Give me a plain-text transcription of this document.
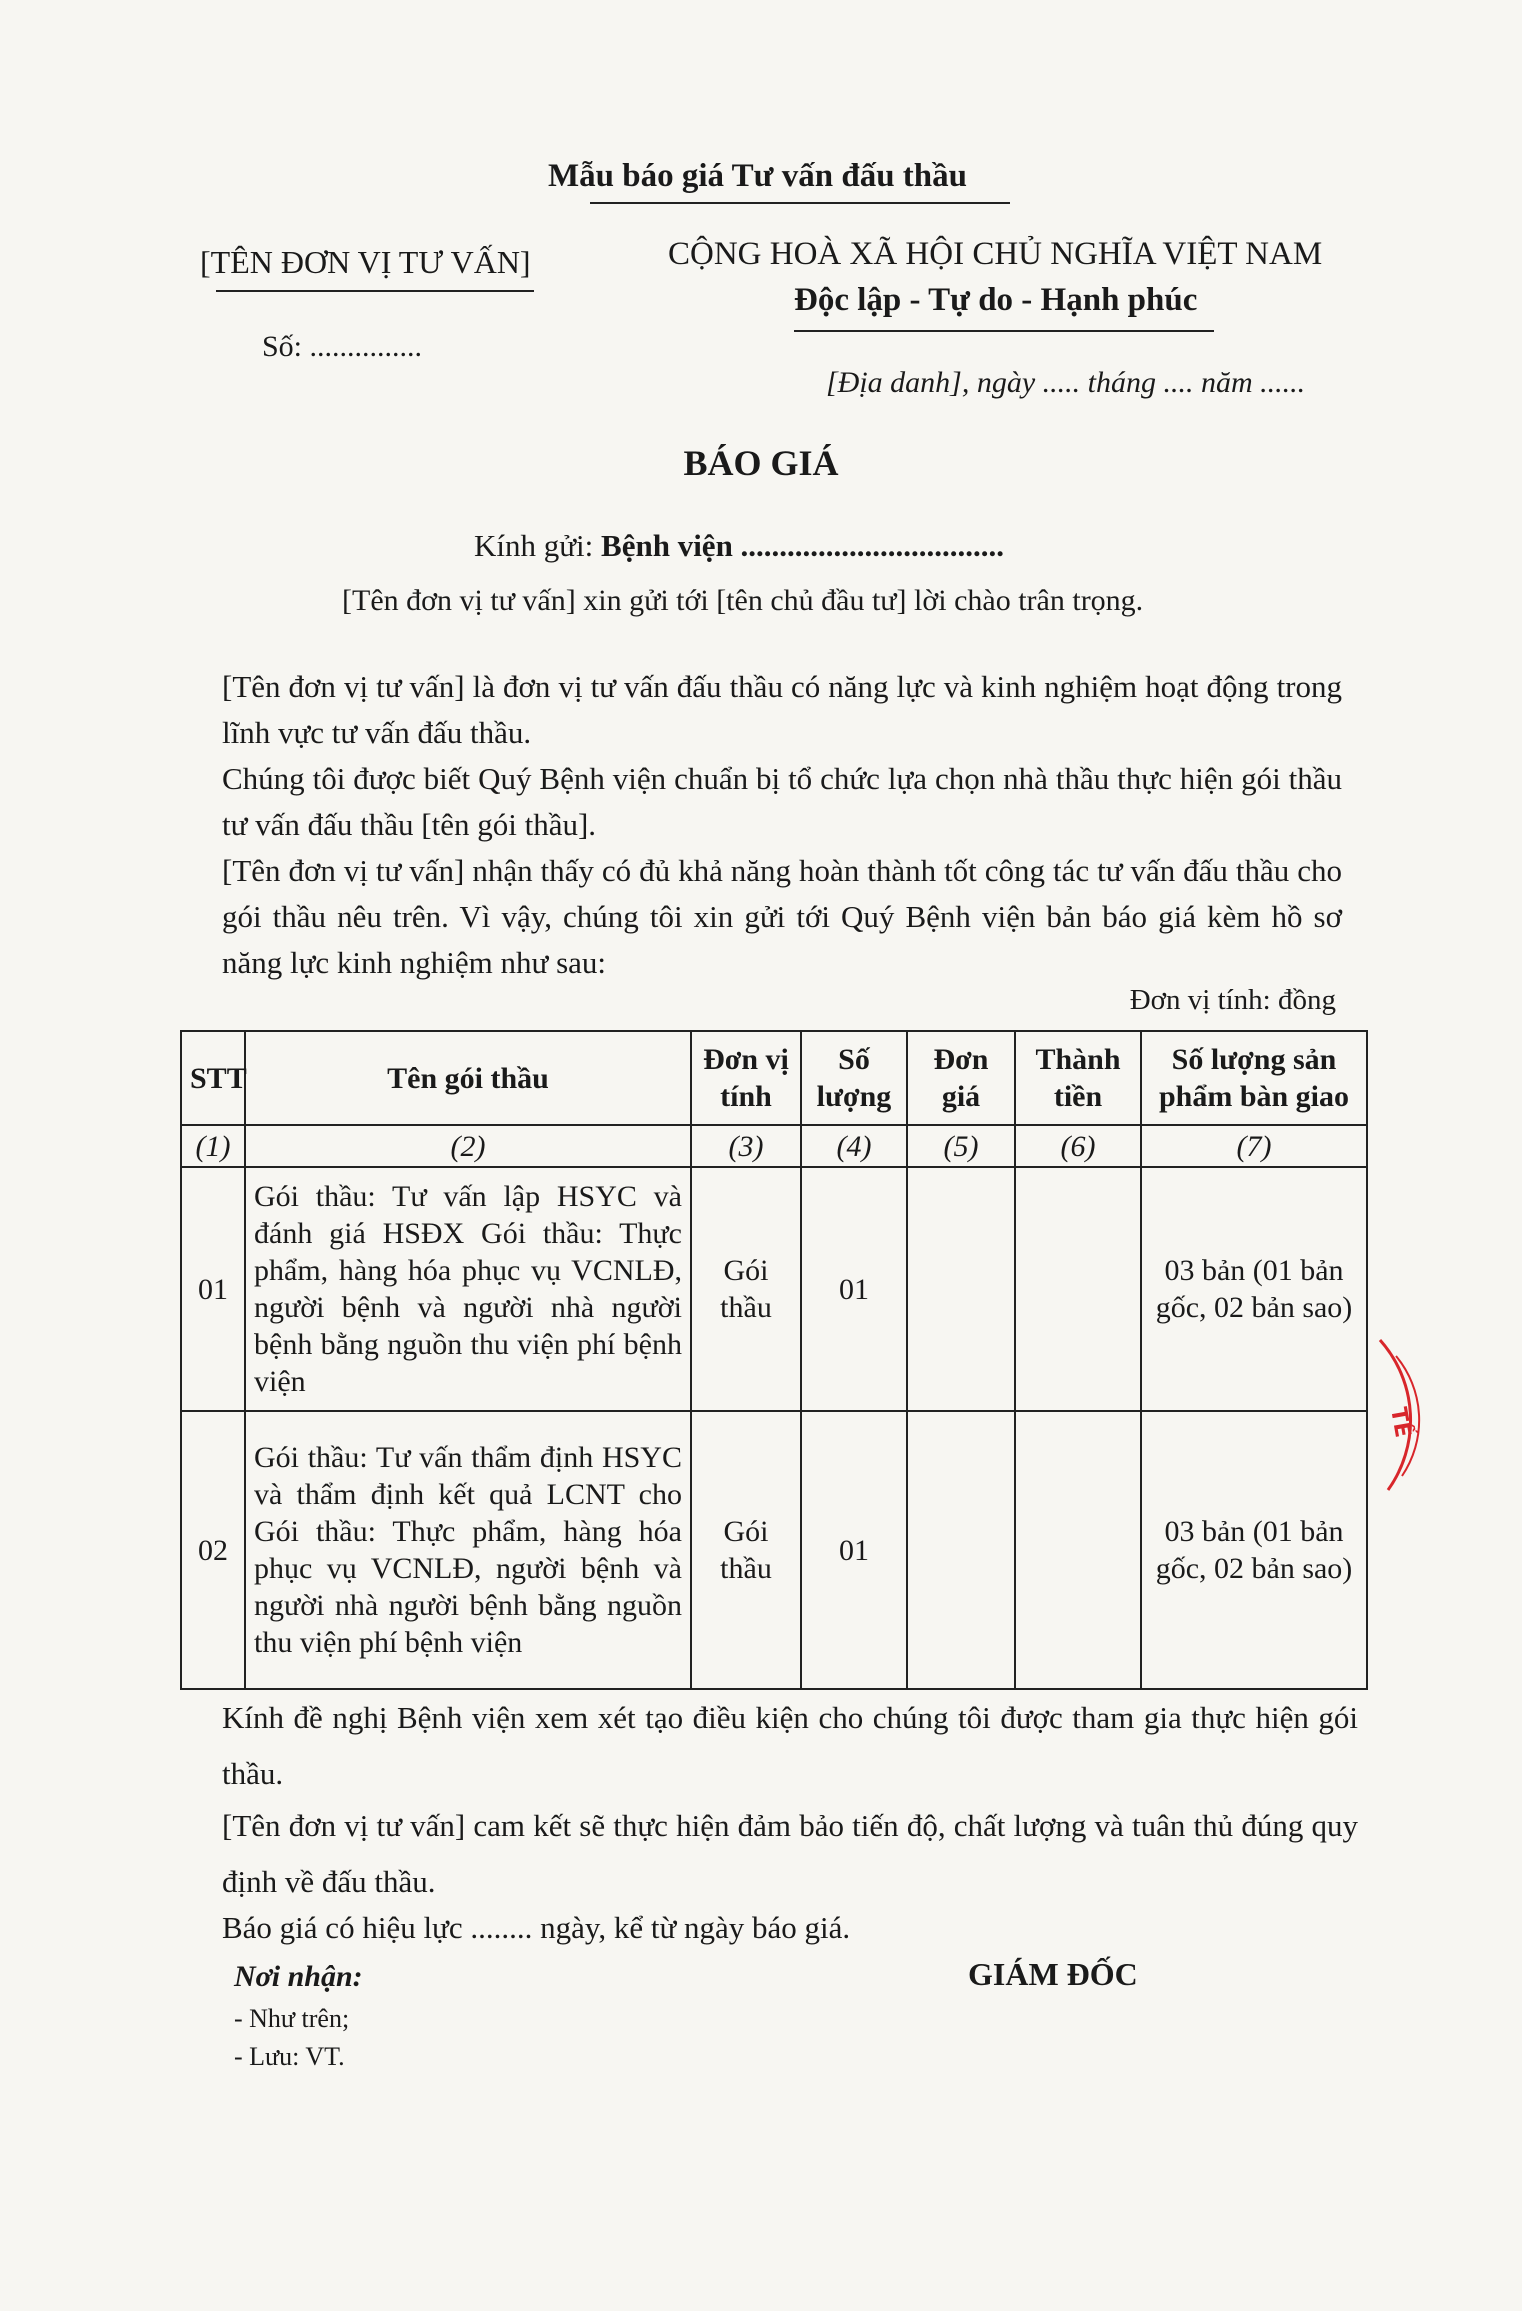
Mẫu báo giá Tư vấn đấu thầu
[TÊN ĐƠN VỊ TƯ VẤN]
Số: ...............
CỘNG HOÀ XÃ HỘI CHỦ NGHĨA VIỆT NAM
Độc lập - Tự do - Hạnh phúc
[Địa danh], ngày ..... tháng .... năm ......
BÁO GIÁ
Kính gửi: Bệnh viện ..................................
[Tên đơn vị tư vấn] xin gửi tới [tên chủ đầu tư] lời chào trân trọng.
[Tên đơn vị tư vấn] là đơn vị tư vấn đấu thầu có năng lực và kinh nghiệm hoạt động trong lĩnh vực tư vấn đấu thầu.
Chúng tôi được biết Quý Bệnh viện chuẩn bị tổ chức lựa chọn nhà thầu thực hiện gói thầu tư vấn đấu thầu [tên gói thầu].
[Tên đơn vị tư vấn] nhận thấy có đủ khả năng hoàn thành tốt công tác tư vấn đấu thầu cho gói thầu nêu trên. Vì vậy, chúng tôi xin gửi tới Quý Bệnh viện bản báo giá kèm hồ sơ năng lực kinh nghiệm như sau:
Đơn vị tính: đồng
STT	Tên gói thầu	Đơn vị tính	Số lượng	Đơn giá	Thành tiền	Số lượng sản phẩm bàn giao
(1)	(2)	(3)	(4)	(5)	(6)	(7)
01	Gói thầu: Tư vấn lập HSYC và đánh giá HSĐX Gói thầu: Thực phẩm, hàng hóa phục vụ VCNLĐ, người bệnh và người nhà người bệnh bằng nguồn thu viện phí bệnh viện	Gói thầu	01			03 bản (01 bản gốc, 02 bản sao)
02	Gói thầu: Tư vấn thẩm định HSYC và thẩm định kết quả LCNT cho Gói thầu: Thực phẩm, hàng hóa phục vụ VCNLĐ, người bệnh và người nhà người bệnh bằng nguồn thu viện phí bệnh viện	Gói thầu	01			03 bản (01 bản gốc, 02 bản sao)
TẾ
Kính đề nghị Bệnh viện xem xét tạo điều kiện cho chúng tôi được tham gia thực hiện gói thầu.
[Tên đơn vị tư vấn] cam kết sẽ thực hiện đảm bảo tiến độ, chất lượng và tuân thủ đúng quy định về đấu thầu.
Báo giá có hiệu lực ........ ngày, kể từ ngày báo giá.
Nơi nhận:
- Như trên;
- Lưu: VT.
GIÁM ĐỐC
